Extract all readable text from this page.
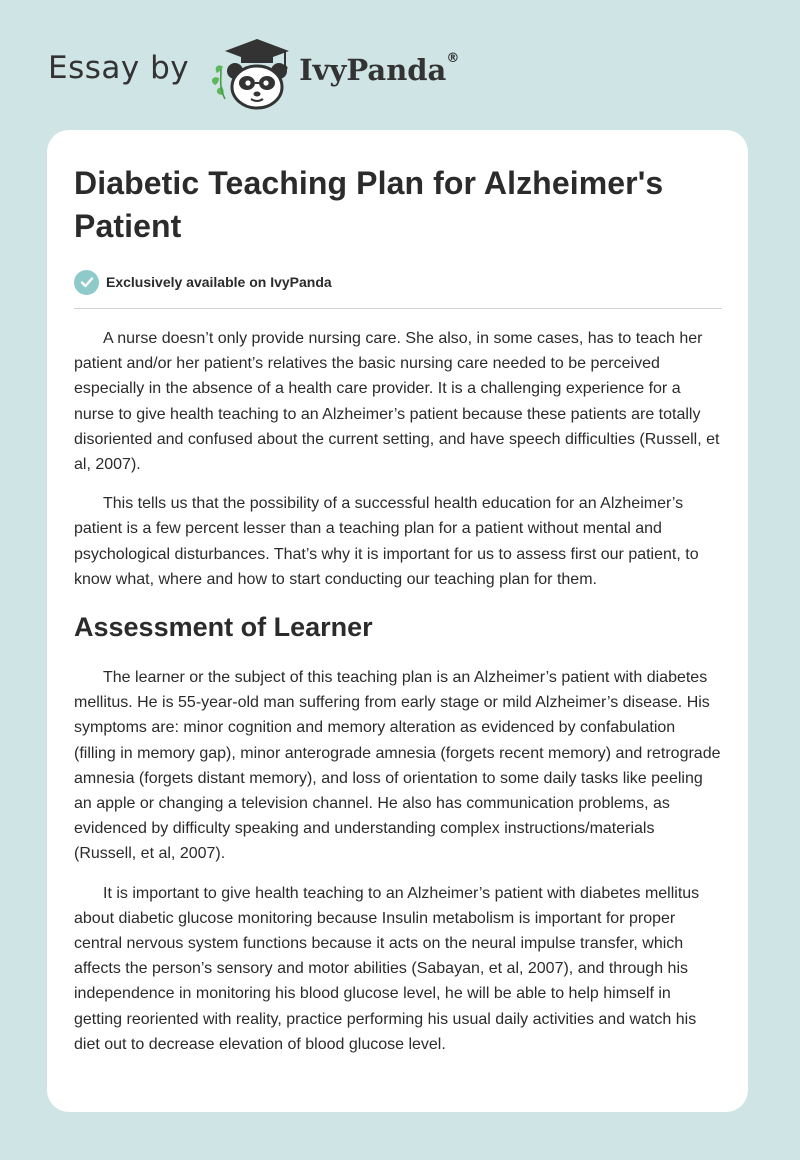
Essay by	IvyPanda ®
Diabetic Teaching Plan for Alzheimer's Patient
Exclusively available on IvyPanda

A nurse doesn’t only provide nursing care. She also, in some cases, has to teach her patient and/or her patient’s relatives the basic nursing care needed to be perceived especially in the absence of a health care provider. It is a challenging experience for a nurse to give health teaching to an Alzheimer’s patient because these patients are totally disoriented and confused about the current setting, and have speech difficulties (Russell, et al, 2007).

This tells us that the possibility of a successful health education for an Alzheimer’s patient is a few percent lesser than a teaching plan for a patient without mental and psychological disturbances. That’s why it is important for us to assess first our patient, to know what, where and how to start conducting our teaching plan for them.

Assessment of Learner

The learner or the subject of this teaching plan is an Alzheimer’s patient with diabetes mellitus. He is 55-year-old man suffering from early stage or mild Alzheimer’s disease. His symptoms are: minor cognition and memory alteration as evidenced by confabulation (filling in memory gap), minor anterograde amnesia (forgets recent memory) and retrograde amnesia (forgets distant memory), and loss of orientation to some daily tasks like peeling an apple or changing a television channel. He also has communication problems, as evidenced by difficulty speaking and understanding complex instructions/materials (Russell, et al, 2007).

It is important to give health teaching to an Alzheimer’s patient with diabetes mellitus about diabetic glucose monitoring because Insulin metabolism is important for proper central nervous system functions because it acts on the neural impulse transfer, which affects the person’s sensory and motor abilities (Sabayan, et al, 2007), and through his independence in monitoring his blood glucose level, he will be able to help himself in getting reoriented with reality, practice performing his usual daily activities and watch his diet out to decrease elevation of blood glucose level.
